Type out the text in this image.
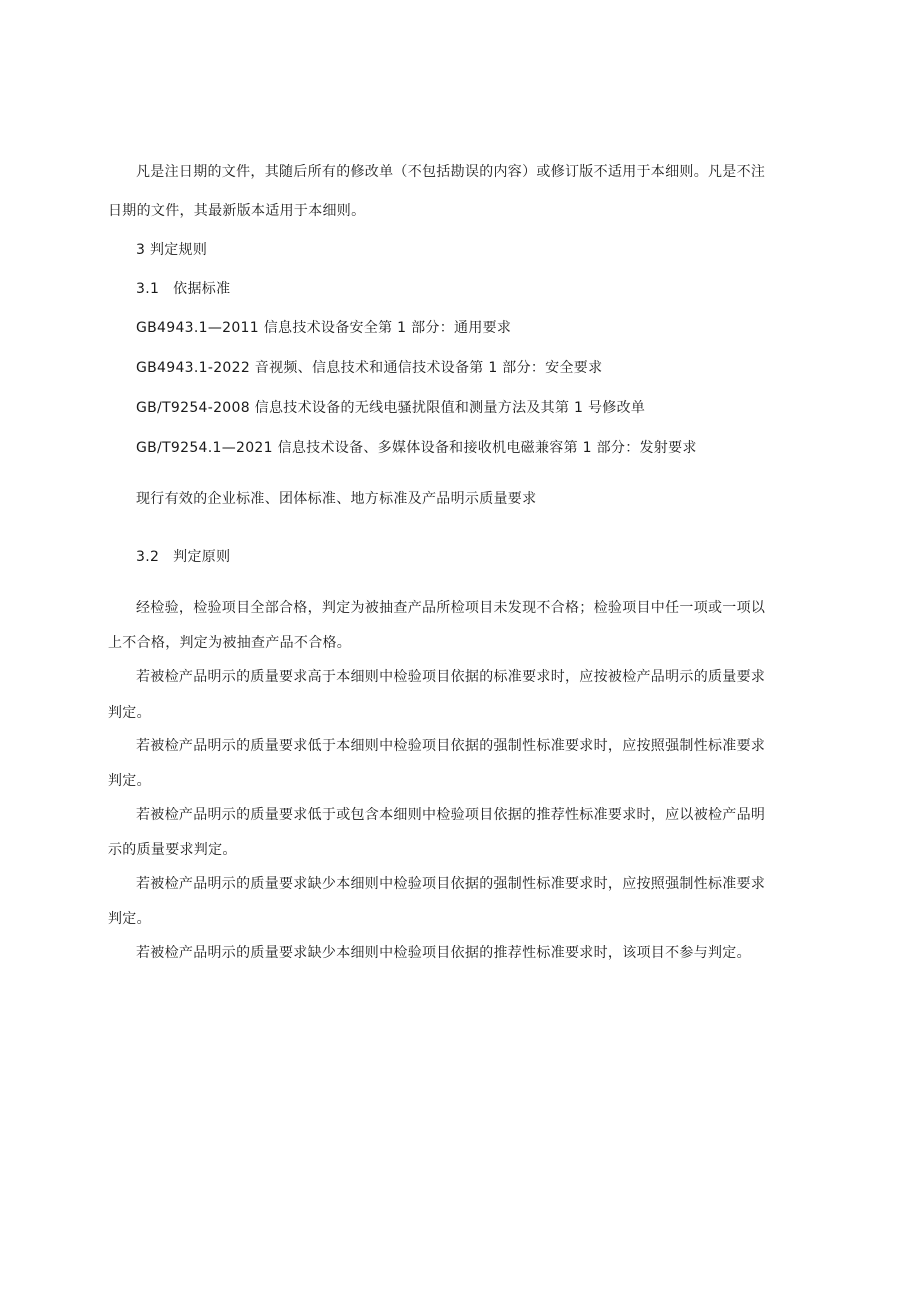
凡是注日期的文件，其随后所有的修改单（不包括勘误的内容）或修订版不适用于本细则。凡是不注
日期的文件，其最新版本适用于本细则。
3 判定规则
3.1 依据标准
GB4943.1—2011 信息技术设备安全第 1 部分：通用要求
GB4943.1-2022 音视频、信息技术和通信技术设备第 1 部分：安全要求
GB/T9254-2008 信息技术设备的无线电骚扰限值和测量方法及其第 1 号修改单
GB/T9254.1—2021 信息技术设备、多媒体设备和接收机电磁兼容第 1 部分：发射要求
现行有效的企业标准、团体标准、地方标准及产品明示质量要求
3.2 判定原则
经检验，检验项目全部合格，判定为被抽查产品所检项目未发现不合格；检验项目中任一项或一项以
上不合格，判定为被抽查产品不合格。
若被检产品明示的质量要求高于本细则中检验项目依据的标准要求时，应按被检产品明示的质量要求
判定。
若被检产品明示的质量要求低于本细则中检验项目依据的强制性标准要求时，应按照强制性标准要求
判定。
若被检产品明示的质量要求低于或包含本细则中检验项目依据的推荐性标准要求时，应以被检产品明
示的质量要求判定。
若被检产品明示的质量要求缺少本细则中检验项目依据的强制性标准要求时，应按照强制性标准要求
判定。
若被检产品明示的质量要求缺少本细则中检验项目依据的推荐性标准要求时，该项目不参与判定。
